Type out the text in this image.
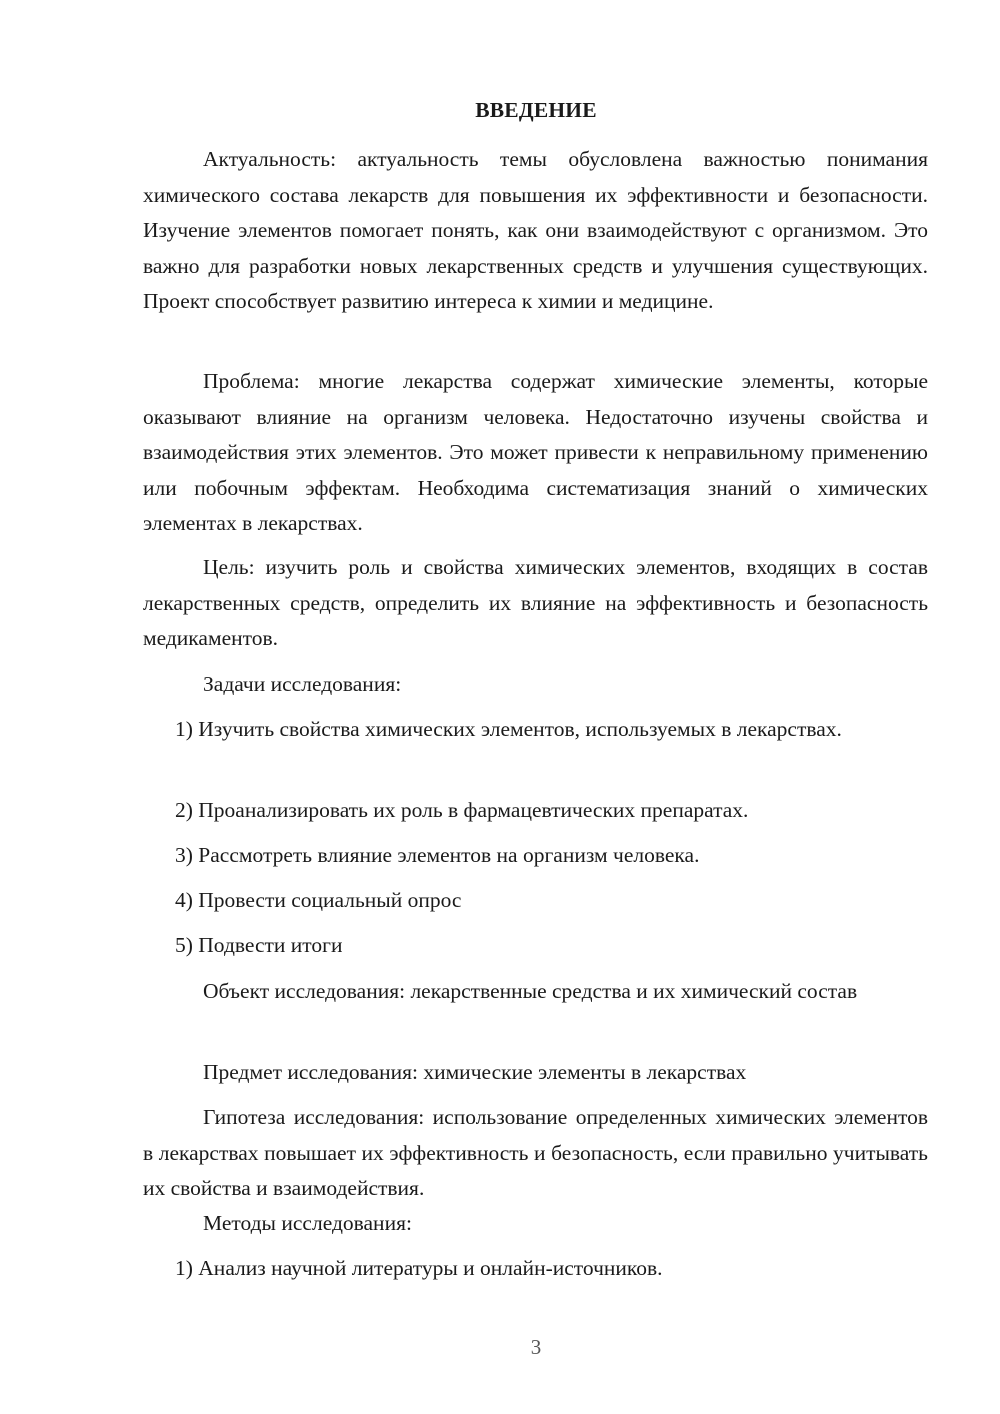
ВВЕДЕНИЕ

Актуальность: актуальность темы обусловлена важностью понимания химического состава лекарств для повышения их эффективности и безопасности. Изучение элементов помогает понять, как они взаимодействуют с организмом. Это важно для разработки новых лекарственных средств и улучшения существующих. Проект способствует развитию интереса к химии и медицине.

Проблема: многие лекарства содержат химические элементы, которые оказывают влияние на организм человека. Недостаточно изучены свойства и взаимодействия этих элементов. Это может привести к неправильному применению или побочным эффектам. Необходима систематизация знаний о химических элементах в лекарствах.

Цель: изучить роль и свойства химических элементов, входящих в состав лекарственных средств, определить их влияние на эффективность и безопасность медикаментов.

Задачи исследования:

1) Изучить свойства химических элементов, используемых в лекарствах.

2) Проанализировать их роль в фармацевтических препаратах.

3) Рассмотреть влияние элементов на организм человека.

4) Провести социальный опрос

5) Подвести итоги

Объект исследования: лекарственные средства и их химический состав

Предмет исследования: химические элементы в лекарствах

Гипотеза исследования: использование определенных химических элементов в лекарствах повышает их эффективность и безопасность, если правильно учитывать их свойства и взаимодействия.

Методы исследования:

1) Анализ научной литературы и онлайн-источников.

3
